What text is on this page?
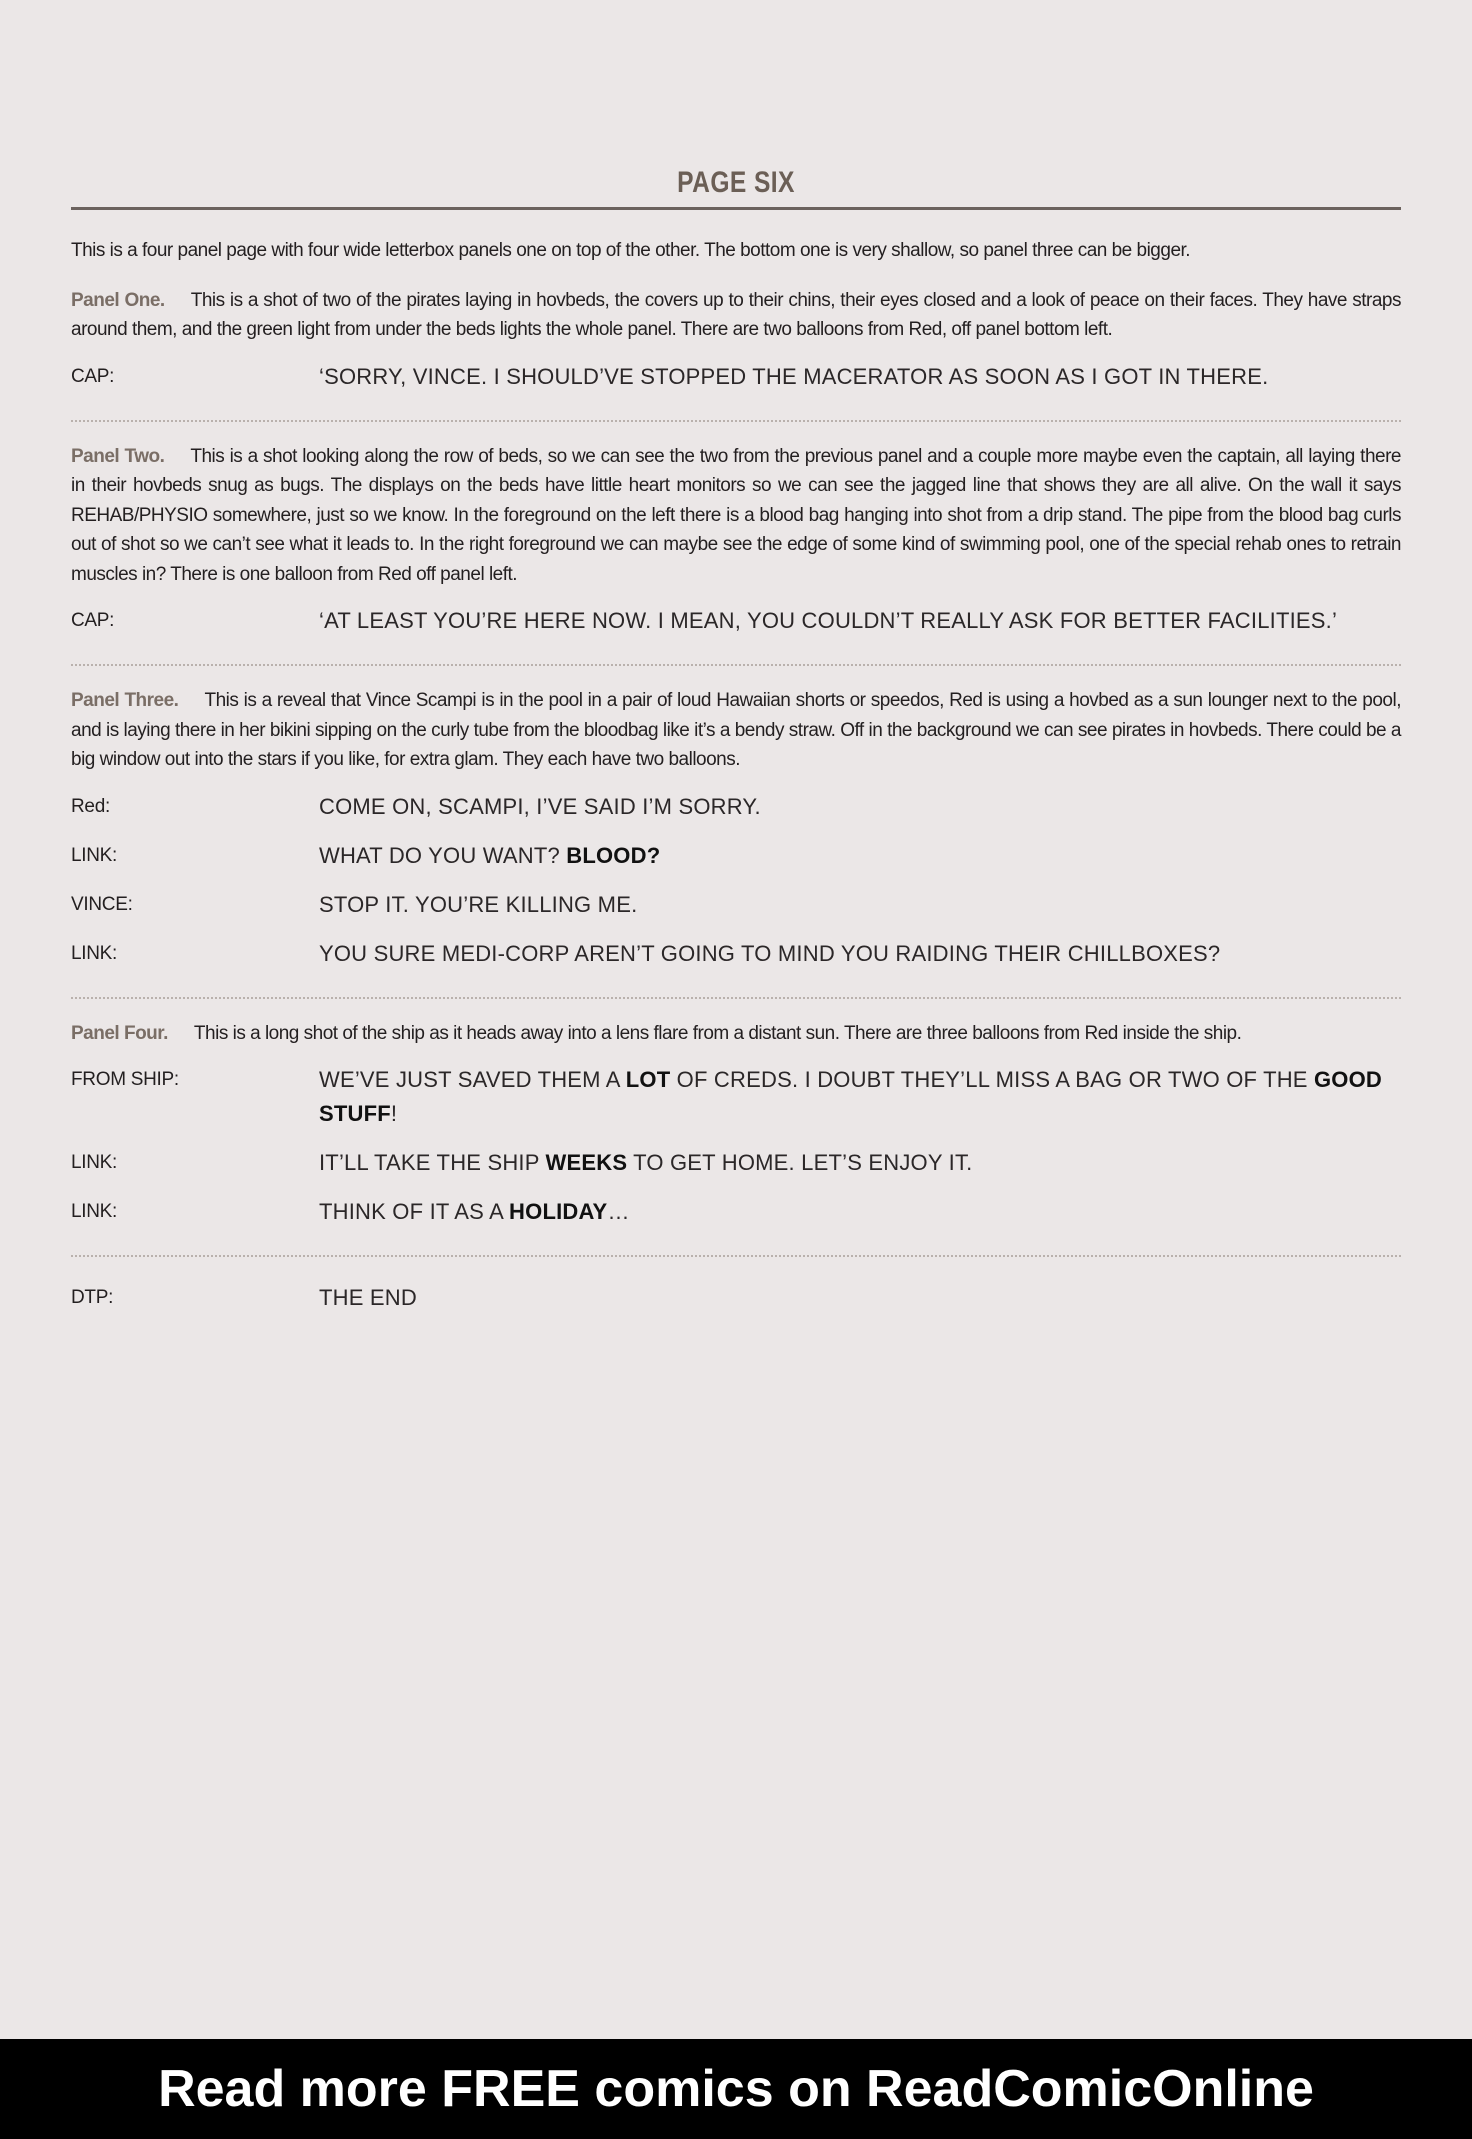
PAGE SIX
This is a four panel page with four wide letterbox panels one on top of the other. The bottom one is very shallow, so panel three can be bigger.
Panel One. This is a shot of two of the pirates laying in hovbeds, the covers up to their chins, their eyes closed and a look of peace on their faces. They have straps around them, and the green light from under the beds lights the whole panel. There are two balloons from Red, off panel bottom left.
CAP:	‘SORRY, VINCE. I SHOULD’VE STOPPED THE MACERATOR AS SOON AS I GOT IN THERE.
Panel Two. This is a shot looking along the row of beds, so we can see the two from the previous panel and a couple more maybe even the captain, all laying there in their hovbeds snug as bugs. The displays on the beds have little heart monitors so we can see the jagged line that shows they are all alive. On the wall it says REHAB/PHYSIO somewhere, just so we know. In the foreground on the left there is a blood bag hanging into shot from a drip stand. The pipe from the blood bag curls out of shot so we can’t see what it leads to. In the right foreground we can maybe see the edge of some kind of swimming pool, one of the special rehab ones to retrain muscles in? There is one balloon from Red off panel left.
CAP:	‘AT LEAST YOU’RE HERE NOW. I MEAN, YOU COULDN’T REALLY ASK FOR BETTER FACILITIES.’
Panel Three. This is a reveal that Vince Scampi is in the pool in a pair of loud Hawaiian shorts or speedos, Red is using a hovbed as a sun lounger next to the pool, and is laying there in her bikini sipping on the curly tube from the bloodbag like it’s a bendy straw. Off in the background we can see pirates in hovbeds. There could be a big window out into the stars if you like, for extra glam. They each have two balloons.
Red:	COME ON, SCAMPI, I’VE SAID I’M SORRY.
LINK:	WHAT DO YOU WANT? BLOOD?
VINCE:	STOP IT. YOU’RE KILLING ME.
LINK:	YOU SURE MEDI-CORP AREN’T GOING TO MIND YOU RAIDING THEIR CHILLBOXES?
Panel Four. This is a long shot of the ship as it heads away into a lens flare from a distant sun. There are three balloons from Red inside the ship.
FROM SHIP:	WE’VE JUST SAVED THEM A LOT OF CREDS. I DOUBT THEY’LL MISS A BAG OR TWO OF THE GOOD STUFF!
LINK:	IT’LL TAKE THE SHIP WEEKS TO GET HOME. LET’S ENJOY IT.
LINK:	THINK OF IT AS A HOLIDAY…
DTP:	THE END
Read more FREE comics on ReadComicOnline
